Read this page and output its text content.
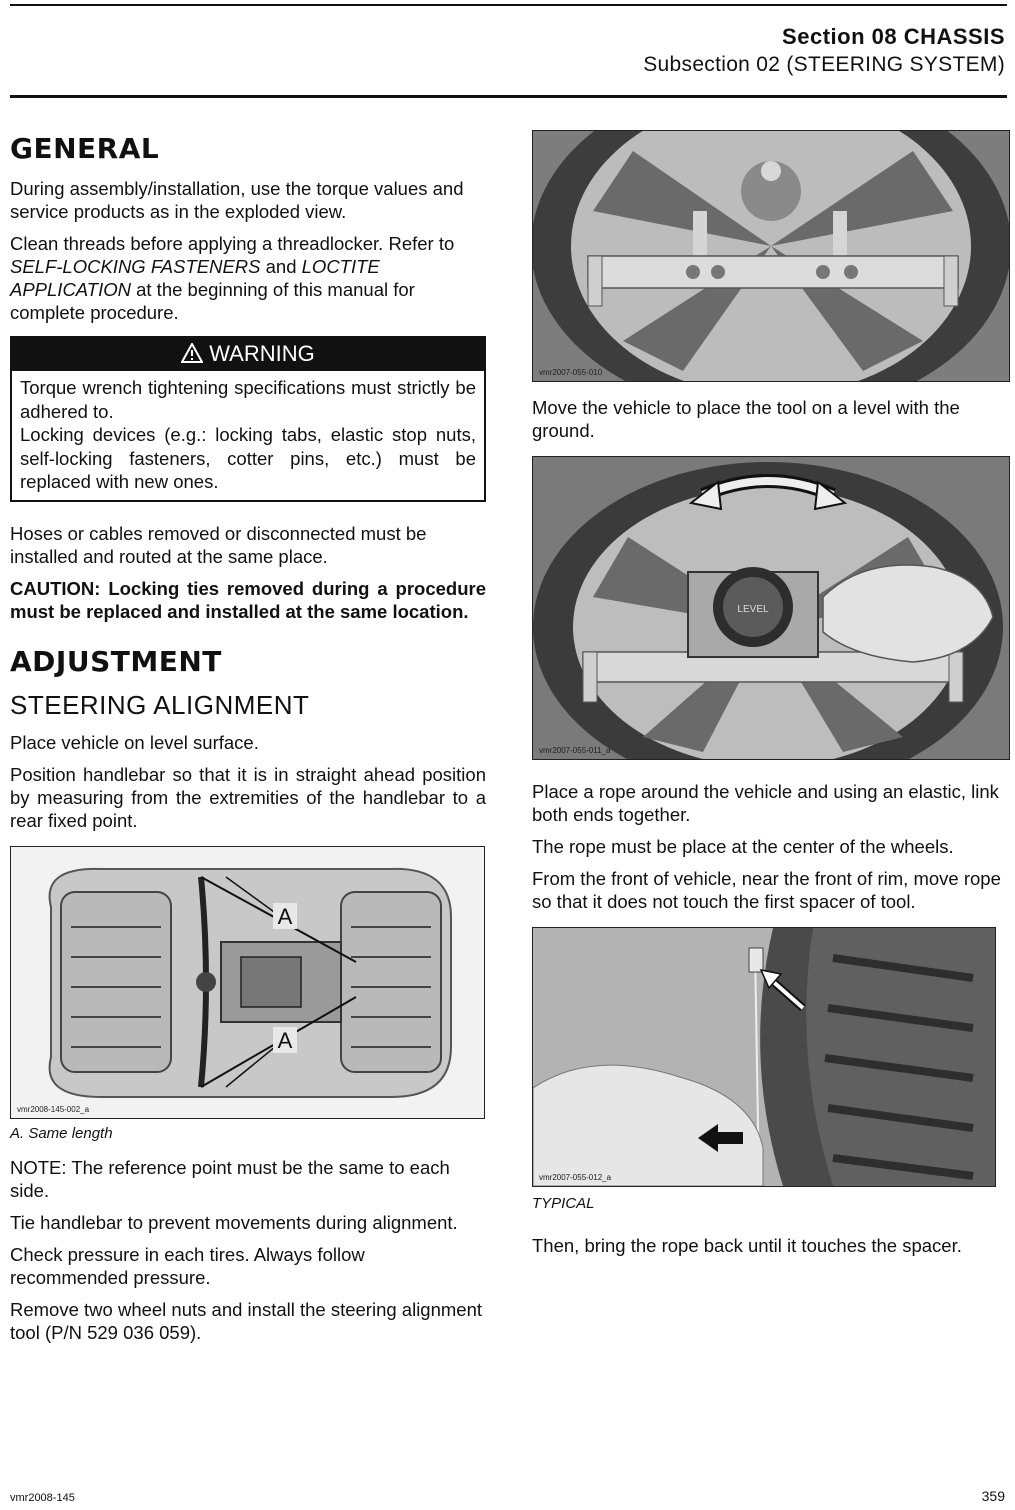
Section 08 CHASSIS
Subsection 02 (STEERING SYSTEM)
GENERAL

During assembly/installation, use the torque values and service products as in the exploded view.

Clean threads before applying a threadlocker. Refer to SELF-LOCKING FASTENERS and LOCTITE APPLICATION at the beginning of this manual for complete procedure.

WARNING
Torque wrench tightening specifications must strictly be adhered to.
Locking devices (e.g.: locking tabs, elastic stop nuts, self-locking fasteners, cotter pins, etc.) must be replaced with new ones.

Hoses or cables removed or disconnected must be installed and routed at the same place.

CAUTION: Locking ties removed during a procedure must be replaced and installed at the same location.

ADJUSTMENT
STEERING ALIGNMENT

Place vehicle on level surface.

Position handlebar so that it is in straight ahead position by measuring from the extremities of the handlebar to a rear fixed point.

A
A
vmr2008-145-002_a
A. Same length

NOTE: The reference point must be the same to each side.

Tie handlebar to prevent movements during alignment.

Check pressure in each tires. Always follow recommended pressure.

Remove two wheel nuts and install the steering alignment tool (P/N 529 036 059).

vmr2007-055-010

Move the vehicle to place the tool on a level with the ground.

LEVEL
vmr2007-055-011_a

Place a rope around the vehicle and using an elastic, link both ends together.

The rope must be place at the center of the wheels.

From the front of vehicle, near the front of rim, move rope so that it does not touch the first spacer of tool.

vmr2007-055-012_a
TYPICAL

Then, bring the rope back until it touches the spacer.

vmr2008-145	359
